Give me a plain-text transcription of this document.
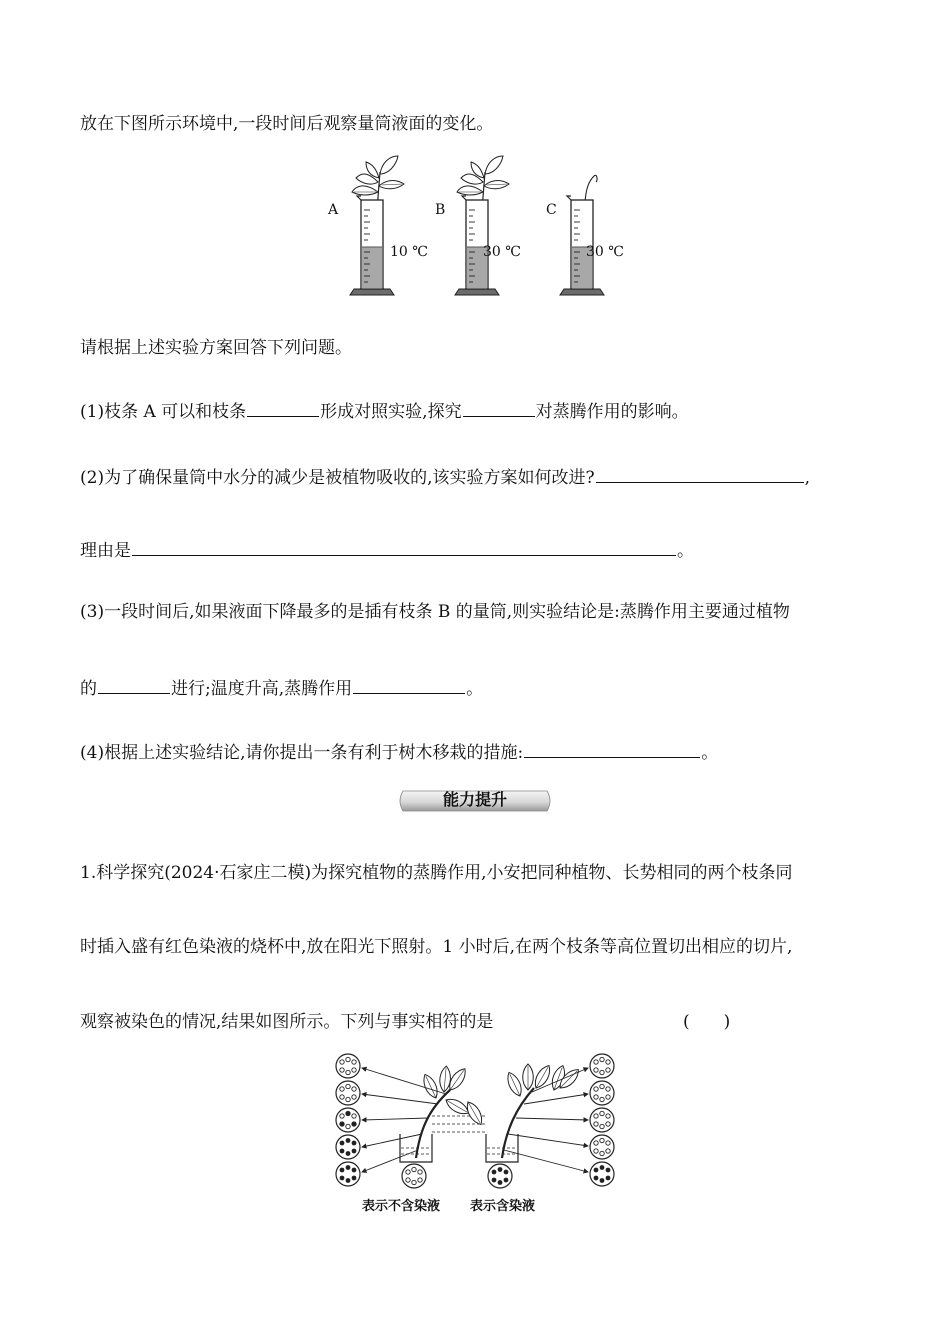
放在下图所示环境中,一段时间后观察量筒液面的变化。
A	B	C
10 ℃	30 ℃	30 ℃
请根据上述实验方案回答下列问题。
(1)枝条 A 可以和枝条	形成对照实验,探究	对蒸腾作用的影响。
(2)为了确保量筒中水分的减少是被植物吸收的,该实验方案如何改进?	,
理由是	。
(3)一段时间后,如果液面下降最多的是插有枝条 B 的量筒,则实验结论是:蒸腾作用主要通过植物
的	进行;温度升高,蒸腾作用	。
(4)根据上述实验结论,请你提出一条有利于树木移栽的措施:	。
能力提升
1.科学探究(2024·石家庄二模)为探究植物的蒸腾作用,小安把同种植物、长势相同的两个枝条同
时插入盛有红色染液的烧杯中,放在阳光下照射。1 小时后,在两个枝条等高位置切出相应的切片,
观察被染色的情况,结果如图所示。下列与事实相符的是	(　　)
表示不含染液 表示含染液
